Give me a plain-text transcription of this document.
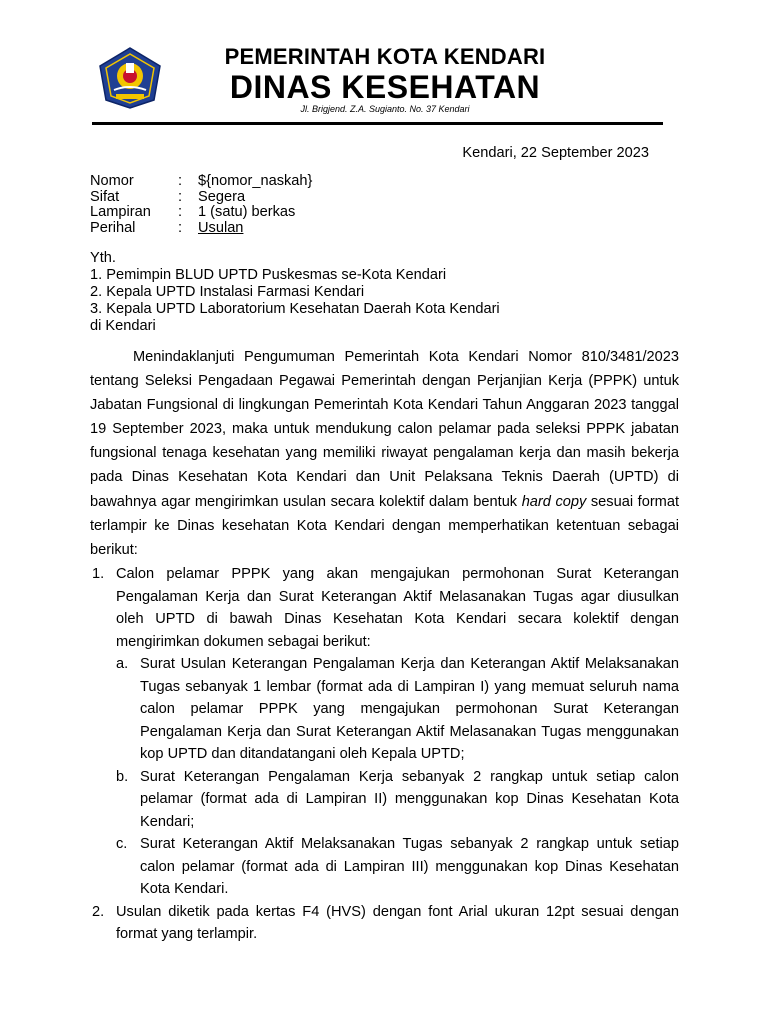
PEMERINTAH KOTA KENDARI
DINAS KESEHATAN
Jl. Brigjend. Z.A. Sugianto. No. 37 Kendari
Kendari, 22 September 2023
Nomor	:	${nomor_naskah}
Sifat	:	Segera
Lampiran	:	1 (satu) berkas
Perihal	:	Usulan
Yth.
1. Pemimpin BLUD UPTD Puskesmas se-Kota Kendari
2. Kepala UPTD Instalasi Farmasi Kendari
3. Kepala UPTD Laboratorium Kesehatan Daerah Kota Kendari
di Kendari
Menindaklanjuti Pengumuman Pemerintah Kota Kendari Nomor 810/3481/2023 tentang Seleksi Pengadaan Pegawai Pemerintah dengan Perjanjian Kerja (PPPK) untuk Jabatan Fungsional di lingkungan Pemerintah Kota Kendari Tahun Anggaran 2023 tanggal 19 September 2023, maka untuk mendukung calon pelamar pada seleksi PPPK jabatan fungsional tenaga kesehatan yang memiliki riwayat pengalaman kerja dan masih bekerja pada Dinas Kesehatan Kota Kendari dan Unit Pelaksana Teknis Daerah (UPTD) di bawahnya agar mengirimkan usulan secara kolektif dalam bentuk hard copy sesuai format terlampir ke Dinas kesehatan Kota Kendari dengan memperhatikan ketentuan sebagai berikut:
1. Calon pelamar PPPK yang akan mengajukan permohonan Surat Keterangan Pengalaman Kerja dan Surat Keterangan Aktif Melasanakan Tugas agar diusulkan oleh UPTD di bawah Dinas Kesehatan Kota Kendari secara kolektif dengan mengirimkan dokumen sebagai berikut:
a. Surat Usulan Keterangan Pengalaman Kerja dan Keterangan Aktif Melaksanakan Tugas sebanyak 1 lembar (format ada di Lampiran I) yang memuat seluruh nama calon pelamar PPPK yang mengajukan permohonan Surat Keterangan Pengalaman Kerja dan Surat Keterangan Aktif Melasanakan Tugas menggunakan kop UPTD dan ditandatangani oleh Kepala UPTD;
b. Surat Keterangan Pengalaman Kerja sebanyak 2 rangkap untuk setiap calon pelamar (format ada di Lampiran II) menggunakan kop Dinas Kesehatan Kota Kendari;
c. Surat Keterangan Aktif Melaksanakan Tugas sebanyak 2 rangkap untuk setiap calon pelamar (format ada di Lampiran III) menggunakan kop Dinas Kesehatan Kota Kendari.
2. Usulan diketik pada kertas F4 (HVS) dengan font Arial ukuran 12pt sesuai dengan format yang terlampir.
